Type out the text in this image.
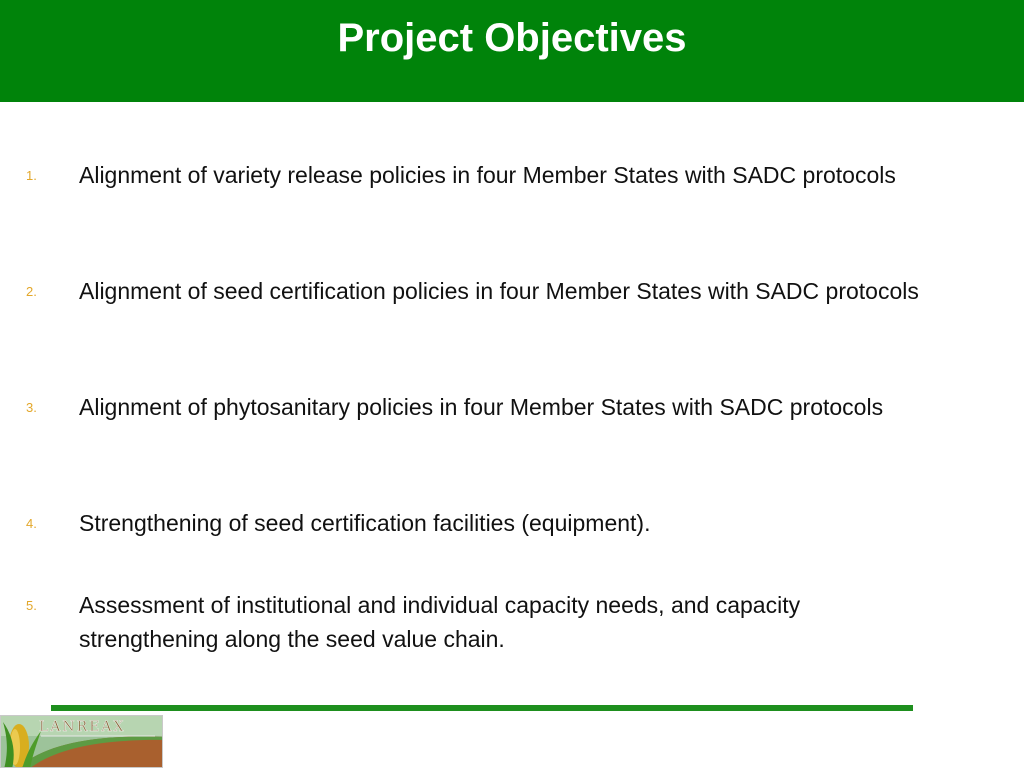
Project Objectives
1. Alignment of variety release policies in four Member States with SADC protocols
2. Alignment of seed certification policies in four Member States with SADC protocols
3. Alignment of phytosanitary policies in four Member States with SADC protocols
4. Strengthening of seed certification facilities (equipment).
5. Assessment of institutional and individual capacity needs, and capacity strengthening along the seed value chain.
LANREAX
